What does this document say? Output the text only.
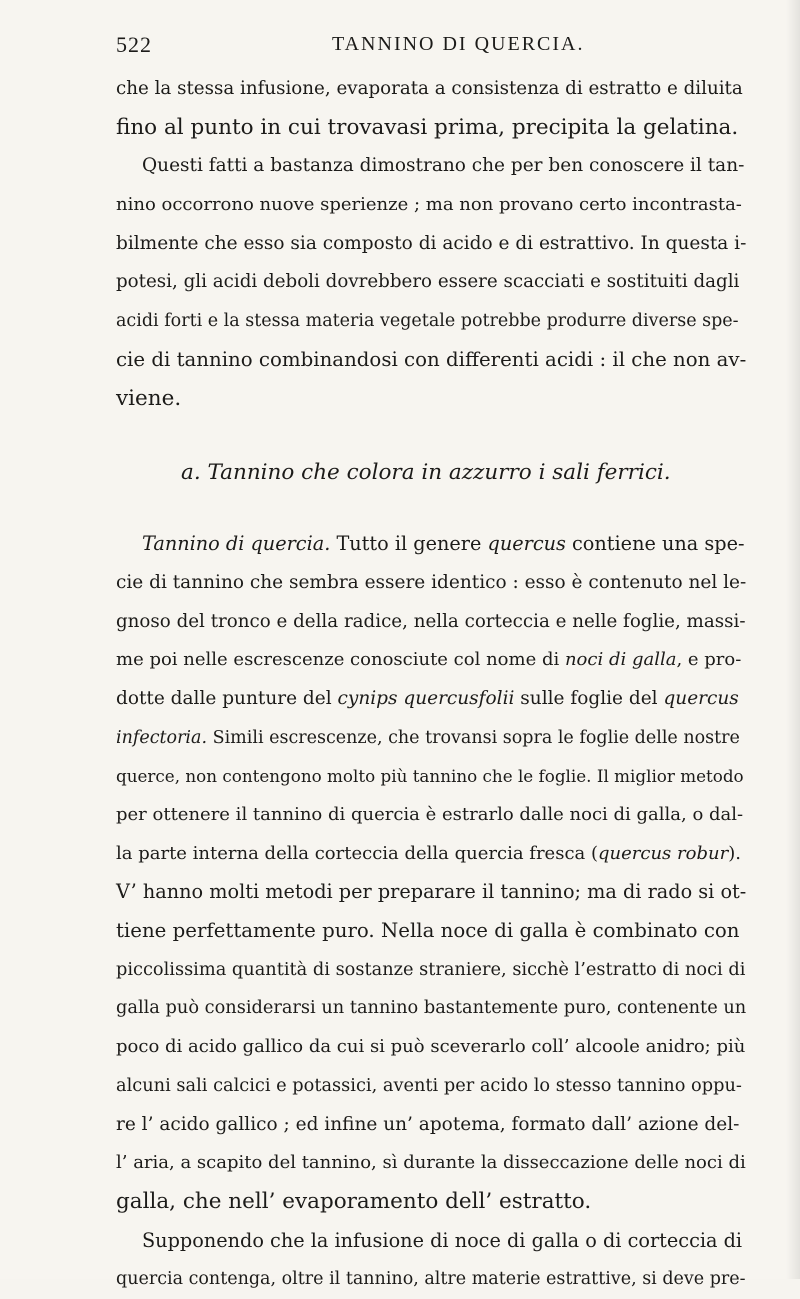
522	TANNINO DI QUERCIA.

che la stessa infusione, evaporata a consistenza di estratto e diluita

fino al punto in cui trovavasi prima, precipita la gelatina.

Questi fatti a bastanza dimostrano che per ben conoscere il tan-

nino occorrono nuove sperienze ; ma non provano certo incontrasta-

bilmente che esso sia composto di acido e di estrattivo. In questa i-

potesi, gli acidi deboli dovrebbero essere scacciati e sostituiti dagli

acidi forti e la stessa materia vegetale potrebbe produrre diverse spe-

cie di tannino combinandosi con differenti acidi : il che non av-

viene.

a. Tannino che colora in azzurro i sali ferrici.

Tannino di quercia. Tutto il genere quercus contiene una spe-

cie di tannino che sembra essere identico : esso è contenuto nel le-

gnoso del tronco e della radice, nella corteccia e nelle foglie, massi-

me poi nelle escrescenze conosciute col nome di noci di galla, e pro-

dotte dalle punture del cynips quercusfolii sulle foglie del quercus

infectoria. Simili escrescenze, che trovansi sopra le foglie delle nostre

querce, non contengono molto più tannino che le foglie. Il miglior metodo

per ottenere il tannino di quercia è estrarlo dalle noci di galla, o dal-

la parte interna della corteccia della quercia fresca (quercus robur).

V’ hanno molti metodi per preparare il tannino; ma di rado si ot-

tiene perfettamente puro. Nella noce di galla è combinato con

piccolissima quantità di sostanze straniere, sicchè l’estratto di noci di

galla può considerarsi un tannino bastantemente puro, contenente un

poco di acido gallico da cui si può sceverarlo coll’ alcoole anidro; più

alcuni sali calcici e potassici, aventi per acido lo stesso tannino oppu-

re l’ acido gallico ; ed infine un’ apotema, formato dall’ azione del-

l’ aria, a scapito del tannino, sì durante la disseccazione delle noci di

galla, che nell’ evaporamento dell’ estratto.

Supponendo che la infusione di noce di galla o di corteccia di

quercia contenga, oltre il tannino, altre materie estrattive, si deve pre-
